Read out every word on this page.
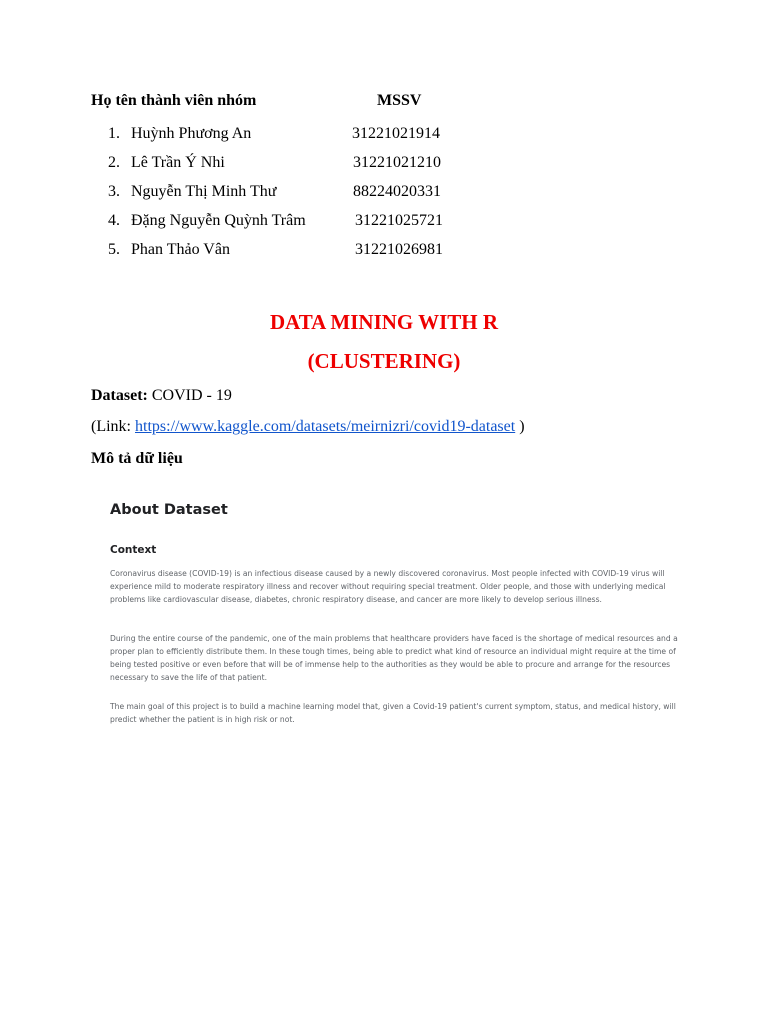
Họ tên thành viên nhóm	MSSV
1. Huỳnh Phương An	31221021914
2. Lê Trần Ý Nhi	31221021210
3. Nguyễn Thị Minh Thư	88224020331
4. Đặng Nguyễn Quỳnh Trâm	31221025721
5. Phan Thảo Vân	31221026981
DATA MINING WITH R
(CLUSTERING)
Dataset: COVID - 19
(Link: https://www.kaggle.com/datasets/meirnizri/covid19-dataset )
Mô tả dữ liệu
About Dataset
Context

Coronavirus disease (COVID-19) is an infectious disease caused by a newly discovered coronavirus. Most people infected with COVID-19 virus will experience mild to moderate respiratory illness and recover without requiring special treatment. Older people, and those with underlying medical problems like cardiovascular disease, diabetes, chronic respiratory disease, and cancer are more likely to develop serious illness.

During the entire course of the pandemic, one of the main problems that healthcare providers have faced is the shortage of medical resources and a proper plan to efficiently distribute them. In these tough times, being able to predict what kind of resource an individual might require at the time of being tested positive or even before that will be of immense help to the authorities as they would be able to procure and arrange for the resources necessary to save the life of that patient.

The main goal of this project is to build a machine learning model that, given a Covid-19 patient's current symptom, status, and medical history, will predict whether the patient is in high risk or not.
